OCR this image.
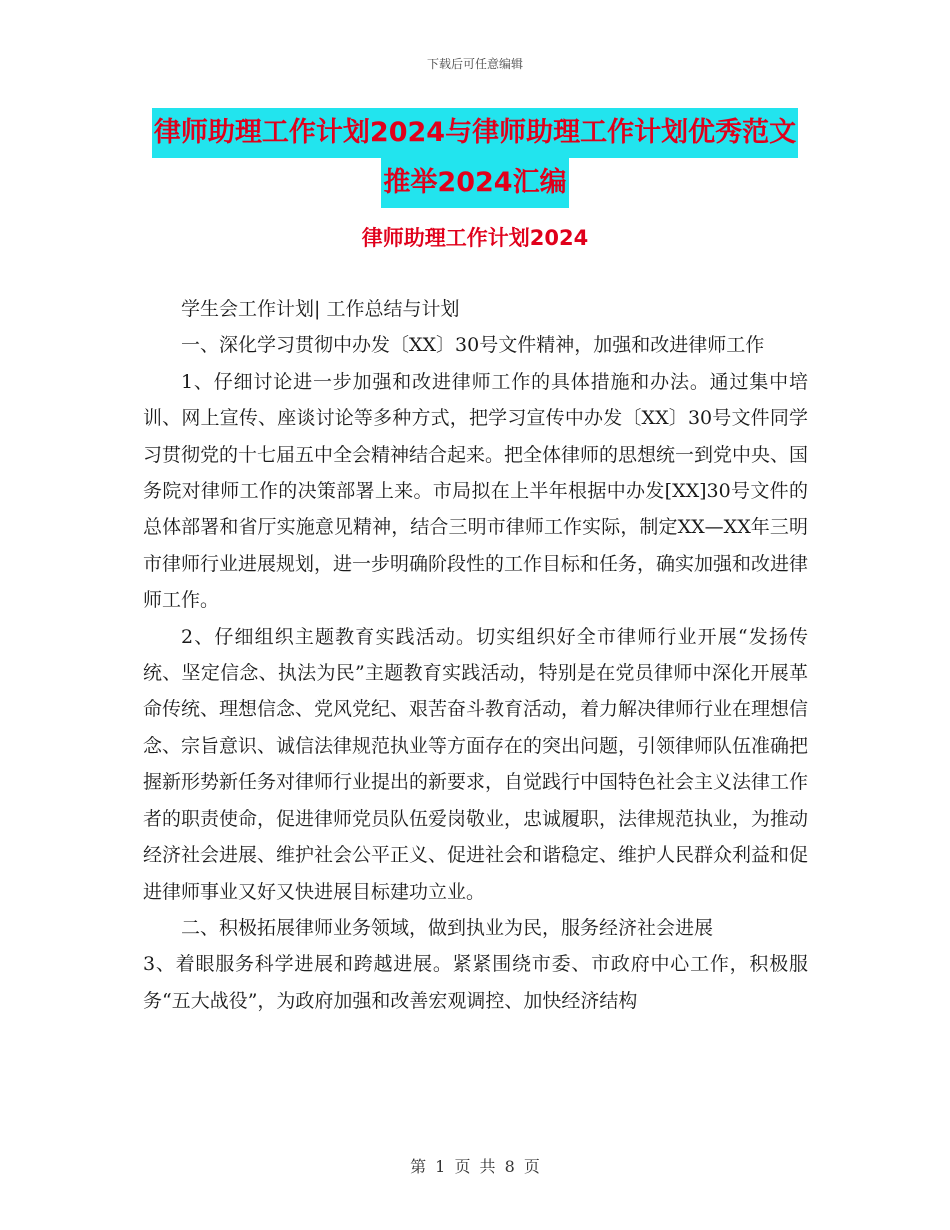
下载后可任意编辑
律师助理工作计划2024与律师助理工作计划优秀范文
推举2024汇编
律师助理工作计划2024

学生会工作计划| 工作总结与计划

一、深化学习贯彻中办发〔XX〕30号文件精神，加强和改进律师工作

1、仔细讨论进一步加强和改进律师工作的具体措施和办法。通过集中培训、网上宣传、座谈讨论等多种方式，把学习宣传中办发〔XX〕30号文件同学习贯彻党的十七届五中全会精神结合起来。把全体律师的思想统一到党中央、国务院对律师工作的决策部署上来。市局拟在上半年根据中办发[XX]30号文件的总体部署和省厅实施意见精神，结合三明市律师工作实际，制定XX—XX年三明市律师行业进展规划，进一步明确阶段性的工作目标和任务，确实加强和改进律师工作。

2、仔细组织主题教育实践活动。切实组织好全市律师行业开展“发扬传统、坚定信念、执法为民”主题教育实践活动，特别是在党员律师中深化开展革命传统、理想信念、党风党纪、艰苦奋斗教育活动，着力解决律师行业在理想信念、宗旨意识、诚信法律规范执业等方面存在的突出问题，引领律师队伍准确把握新形势新任务对律师行业提出的新要求，自觉践行中国特色社会主义法律工作者的职责使命，促进律师党员队伍爱岗敬业，忠诚履职，法律规范执业，为推动经济社会进展、维护社会公平正义、促进社会和谐稳定、维护人民群众利益和促进律师事业又好又快进展目标建功立业。

二、积极拓展律师业务领域，做到执业为民，服务经济社会进展

3、着眼服务科学进展和跨越进展。紧紧围绕市委、市政府中心工作，积极服务“五大战役”，为政府加强和改善宏观调控、加快经济结构

第 1 页 共 8 页
